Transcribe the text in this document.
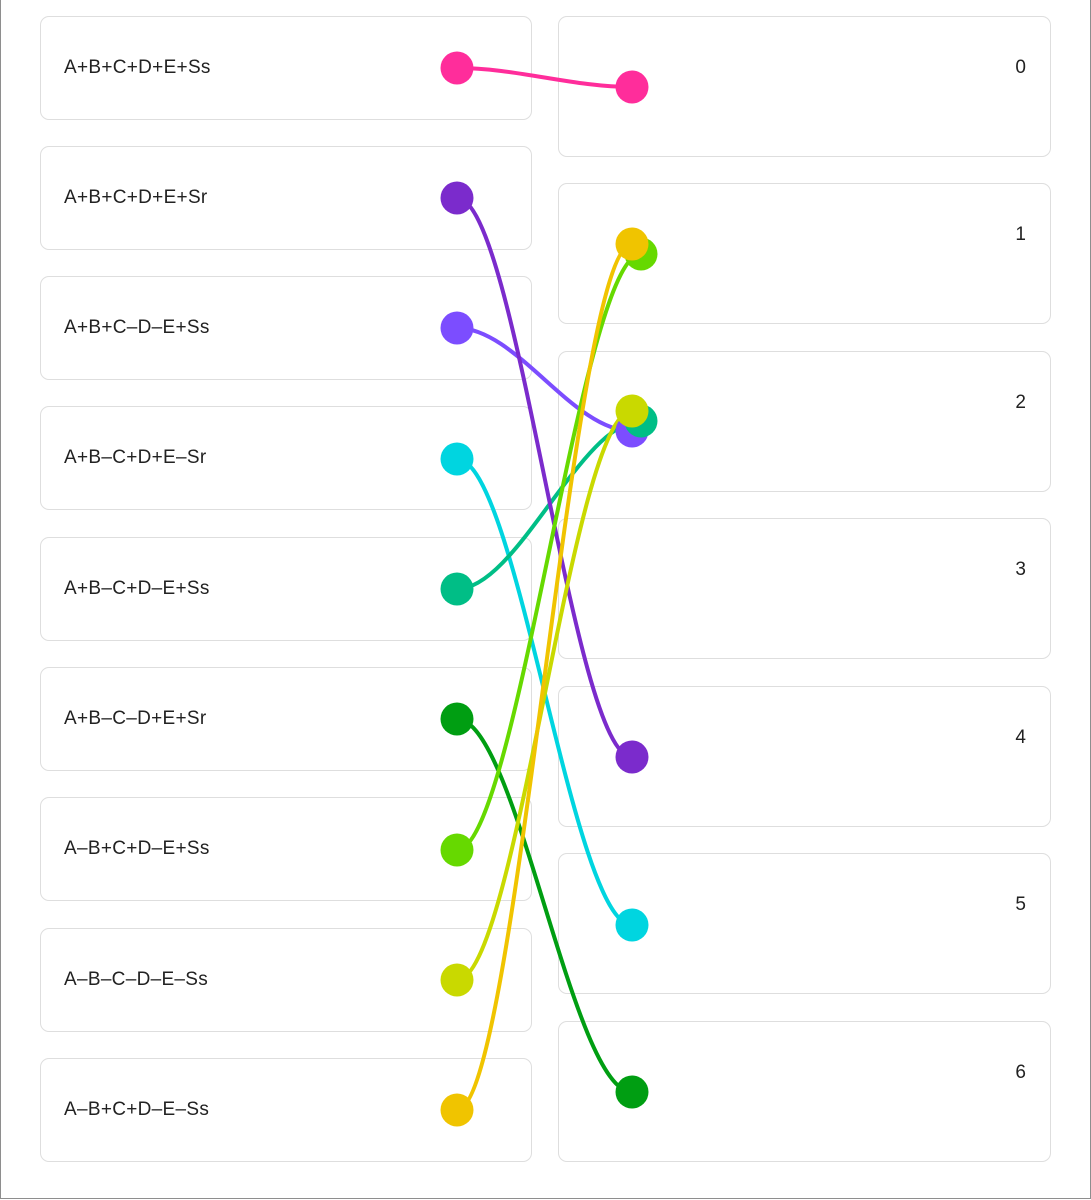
A+B+C+D+E+Ss
A+B+C+D+E+Sr
A+B+C–D–E+Ss
A+B–C+D+E–Sr
A+B–C+D–E+Ss
A+B–C–D+E+Sr
A–B+C+D–E+Ss
A–B–C–D–E–Ss
A–B+C+D–E–Ss
0
1
2
3
4
5
6
